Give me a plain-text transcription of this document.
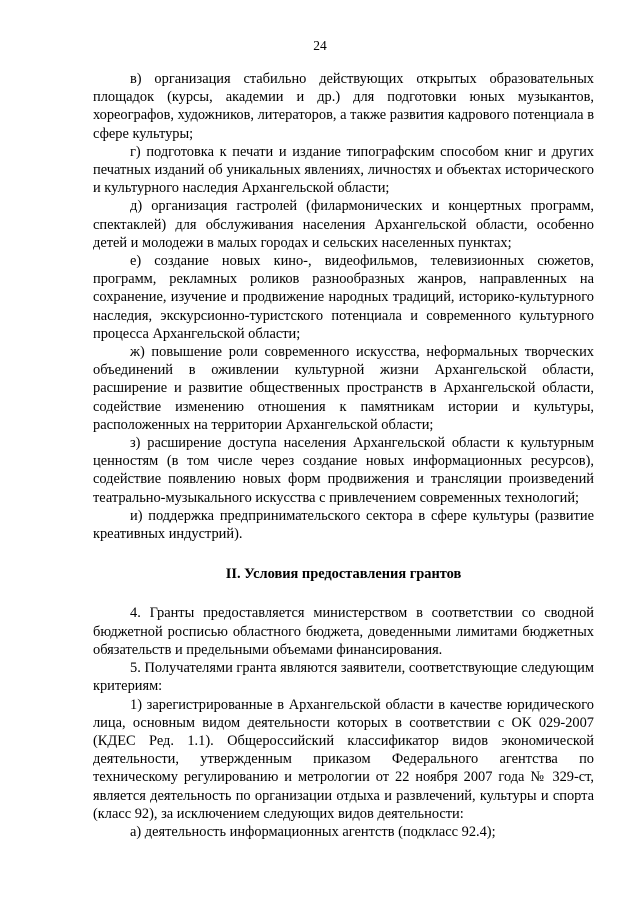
24

в) организация стабильно действующих открытых образовательных площадок (курсы, академии и др.) для подготовки юных музыкантов, хореографов, художников, литераторов, а также развития кадрового потенциала в сфере культуры;

г) подготовка к печати и издание типографским способом книг и других печатных изданий об уникальных явлениях, личностях и объектах исторического и культурного наследия Архангельской области;

д) организация гастролей (филармонических и концертных программ, спектаклей) для обслуживания населения Архангельской области, особенно детей и молодежи в малых городах и сельских населенных пунктах;

е) создание новых кино-, видеофильмов, телевизионных сюжетов, программ, рекламных роликов разнообразных жанров, направленных на сохранение, изучение и продвижение народных традиций, историко-культурного наследия, экскурсионно-туристского потенциала и современного культурного процесса Архангельской области;

ж) повышение роли современного искусства, неформальных творческих объединений в оживлении культурной жизни Архангельской области, расширение и развитие общественных пространств в Архангельской области, содействие изменению отношения к памятникам истории и культуры, расположенных на территории Архангельской области;

з) расширение доступа населения Архангельской области к культурным ценностям (в том числе через создание новых информационных ресурсов), содействие появлению новых форм продвижения и трансляции произведений театрально-музыкального искусства с привлечением современных технологий;

и) поддержка предпринимательского сектора в сфере культуры (развитие креативных индустрий).

II. Условия предоставления грантов

4. Гранты предоставляется министерством в соответствии со сводной бюджетной росписью областного бюджета, доведенными лимитами бюджетных обязательств и предельными объемами финансирования.

5. Получателями гранта являются заявители, соответствующие следующим критериям:

1) зарегистрированные в Архангельской области в качестве юридического лица, основным видом деятельности которых в соответствии с ОК 029-2007 (КДЕС Ред. 1.1). Общероссийский классификатор видов экономической деятельности, утвержденным приказом Федерального агентства по техническому регулированию и метрологии от 22 ноября 2007 года № 329-ст, является деятельность по организации отдыха и развлечений, культуры и спорта (класс 92), за исключением следующих видов деятельности:

а) деятельность информационных агентств (подкласс 92.4);
